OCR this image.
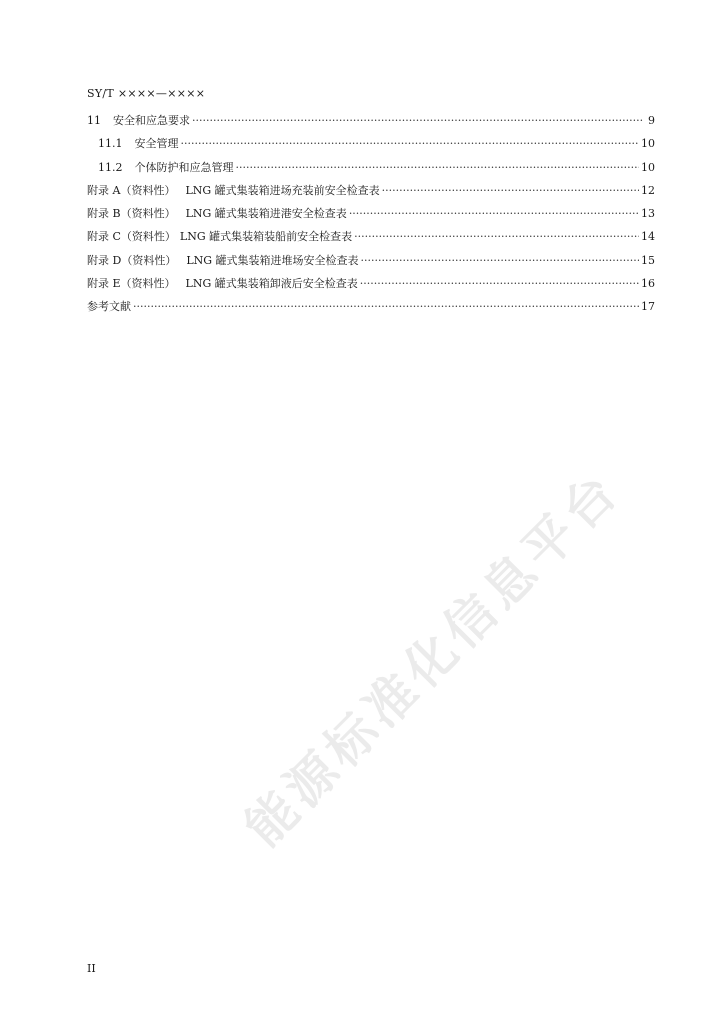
SY/T ××××—××××
11 安全和应急要求 ·····	9
11.1 安全管理 ·····	10
11.2 个体防护和应急管理 ·····	10
附录 A（资料性） LNG 罐式集装箱进场充装前安全检查表 ·····	12
附录 B（资料性） LNG 罐式集装箱进港安全检查表 ·····	13
附录 C（资料性） LNG 罐式集装箱装船前安全检查表 ·····	14
附录 D（资料性） LNG 罐式集装箱进堆场安全检查表 ·····	15
附录 E（资料性） LNG 罐式集装箱卸液后安全检查表 ·····	16
参考文献 ·····	17
能源标准化信息平台
II
